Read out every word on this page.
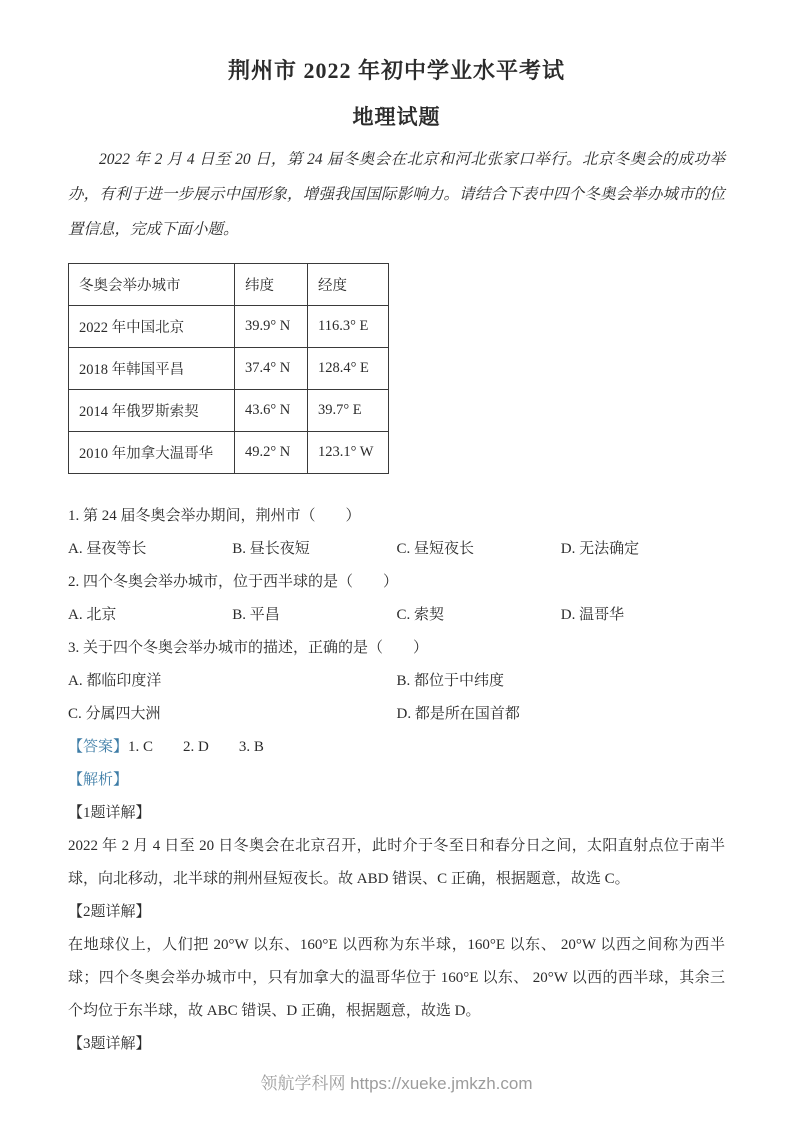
荆州市 2022 年初中学业水平考试
地理试题

2022 年 2 月 4 日至 20 日，第 24 届冬奥会在北京和河北张家口举行。北京冬奥会的成功举办，有利于进一步展示中国形象，增强我国国际影响力。请结合下表中四个冬奥会举办城市的位置信息，完成下面小题。

冬奥会举办城市	纬度	经度
2022 年中国北京	39.9° N	116.3° E
2018 年韩国平昌	37.4° N	128.4° E
2014 年俄罗斯索契	43.6° N	39.7° E
2010 年加拿大温哥华	49.2° N	123.1° W
1. 第 24 届冬奥会举办期间，荆州市（　　）
A. 昼夜等长	B. 昼长夜短	C. 昼短夜长	D. 无法确定
2. 四个冬奥会举办城市，位于西半球的是（　　）
A. 北京	B. 平昌	C. 索契	D. 温哥华
3. 关于四个冬奥会举办城市的描述，正确的是（　　）
A. 都临印度洋	B. 都位于中纬度
C. 分属四大洲	D. 都是所在国首都
【答案】1. C　　2. D　　3. B
【解析】
【1题详解】

2022 年 2 月 4 日至 20 日冬奥会在北京召开，此时介于冬至日和春分日之间，太阳直射点位于南半球，向北移动，北半球的荆州昼短夜长。故 ABD 错误、C 正确，根据题意，故选 C。

【2题详解】

在地球仪上，人们把 20°W 以东、160°E 以西称为东半球，160°E 以东、 20°W 以西之间称为西半球；四个冬奥会举办城市中，只有加拿大的温哥华位于 160°E 以东、 20°W 以西的西半球，其余三个均位于东半球，故 ABC 错误、D 正确，根据题意，故选 D。

【3题详解】
领航学科网 https://xueke.jmkzh.com
